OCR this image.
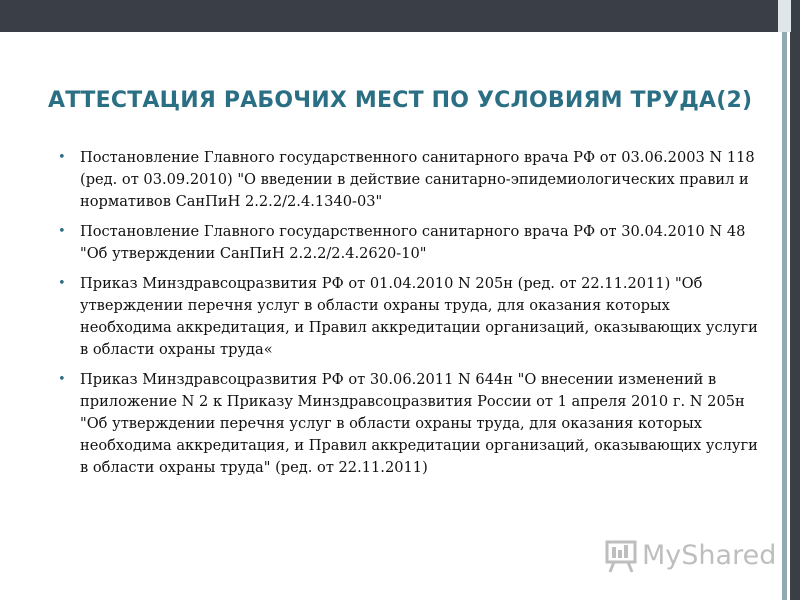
АТТЕСТАЦИЯ РАБОЧИХ МЕСТ ПО УСЛОВИЯМ ТРУДА(2)
• Постановление Главного государственного санитарного врача РФ от 03.06.2003 N 118 (ред. от 03.09.2010) "О введении в действие санитарно-эпидемиологических правил и нормативов СанПиН 2.2.2/2.4.1340-03"
• Постановление Главного государственного санитарного врача РФ от 30.04.2010 N 48 "Об утверждении СанПиН 2.2.2/2.4.2620-10"
• Приказ Минздравсоцразвития РФ от 01.04.2010 N 205н (ред. от 22.11.2011) "Об утверждении перечня услуг в области охраны труда, для оказания которых необходима аккредитация, и Правил аккредитации организаций, оказывающих услуги в области охраны труда«
• Приказ Минздравсоцразвития РФ от 30.06.2011 N 644н "О внесении изменений в приложение N 2 к Приказу Минздравсоцразвития России от 1 апреля 2010 г. N 205н "Об утверждении перечня услуг в области охраны труда, для оказания которых необходима аккредитация, и Правил аккредитации организаций, оказывающих услуги в области охраны труда" (ред. от 22.11.2011)
MyShared
